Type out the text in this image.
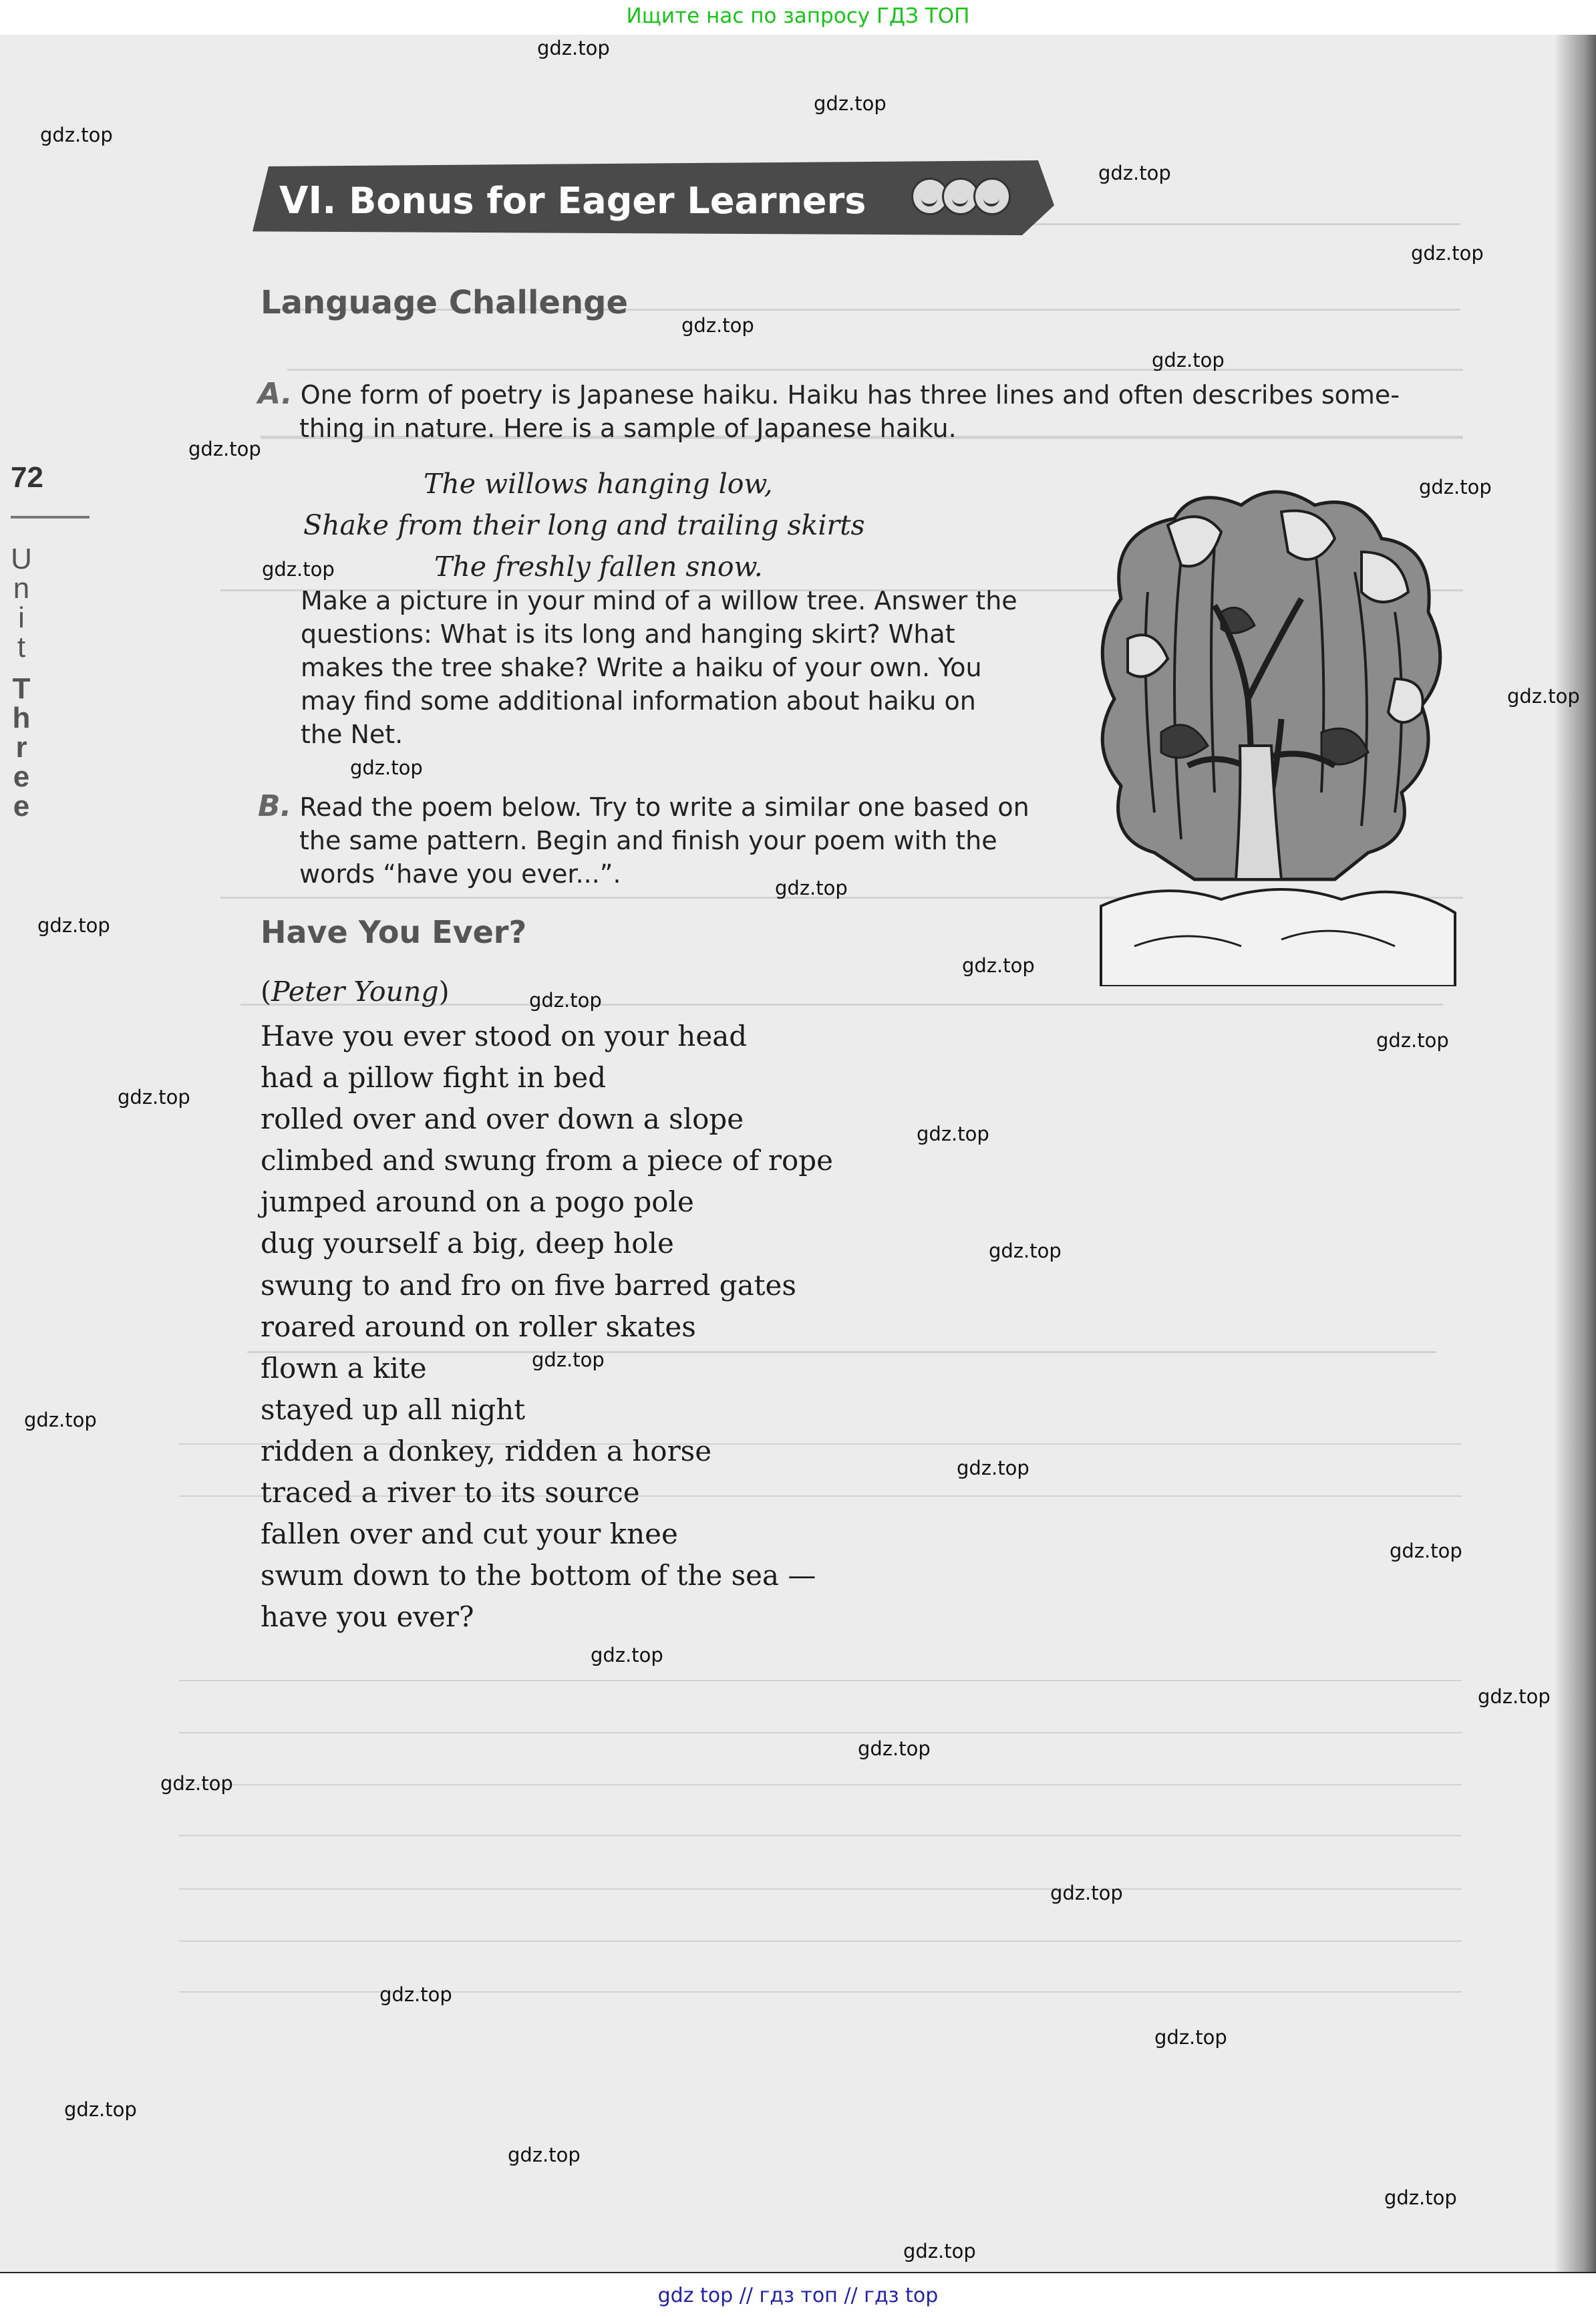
Ищите нас по запросу ГДЗ ТОП
72
U
n
i
t
T
h
r
e
e
VI. Bonus for Eager Learners

Language Challenge
A. One form of poetry is Japanese haiku. Haiku has three lines and often describes some-
thing in nature. Here is a sample of Japanese haiku.
The willows hanging low,
Shake from their long and trailing skirts
The freshly fallen snow.
Make a picture in your mind of a willow tree. Answer the
questions: What is its long and hanging skirt? What
makes the tree shake? Write a haiku of your own. You
may find some additional information about haiku on
the Net.
B. Read the poem below. Try to write a similar one based on
the same pattern. Begin and finish your poem with the
words “have you ever...”.
Have You Ever?
(Peter Young)
Have you ever stood on your head
had a pillow fight in bed
rolled over and over down a slope
climbed and swung from a piece of rope
jumped around on a pogo pole
dug yourself a big, deep hole
swung to and fro on five barred gates
roared around on roller skates
flown a kite
stayed up all night
ridden a donkey, ridden a horse
traced a river to its source
fallen over and cut your knee
swum down to the bottom of the sea —
have you ever?
gdz.top
gdz.top
gdz.top
gdz.top
gdz.top
gdz.top
gdz.top
gdz.top
gdz.top
gdz.top
gdz.top
gdz.top
gdz.top
gdz.top
gdz.top
gdz.top
gdz.top
gdz.top
gdz.top
gdz.top
gdz.top
gdz.top
gdz.top
gdz.top
gdz.top
gdz.top
gdz.top
gdz.top
gdz.top
gdz.top
gdz.top
gdz.top
gdz.top
gdz.top
gdz.top
gdz top // гдз топ // гдз top
